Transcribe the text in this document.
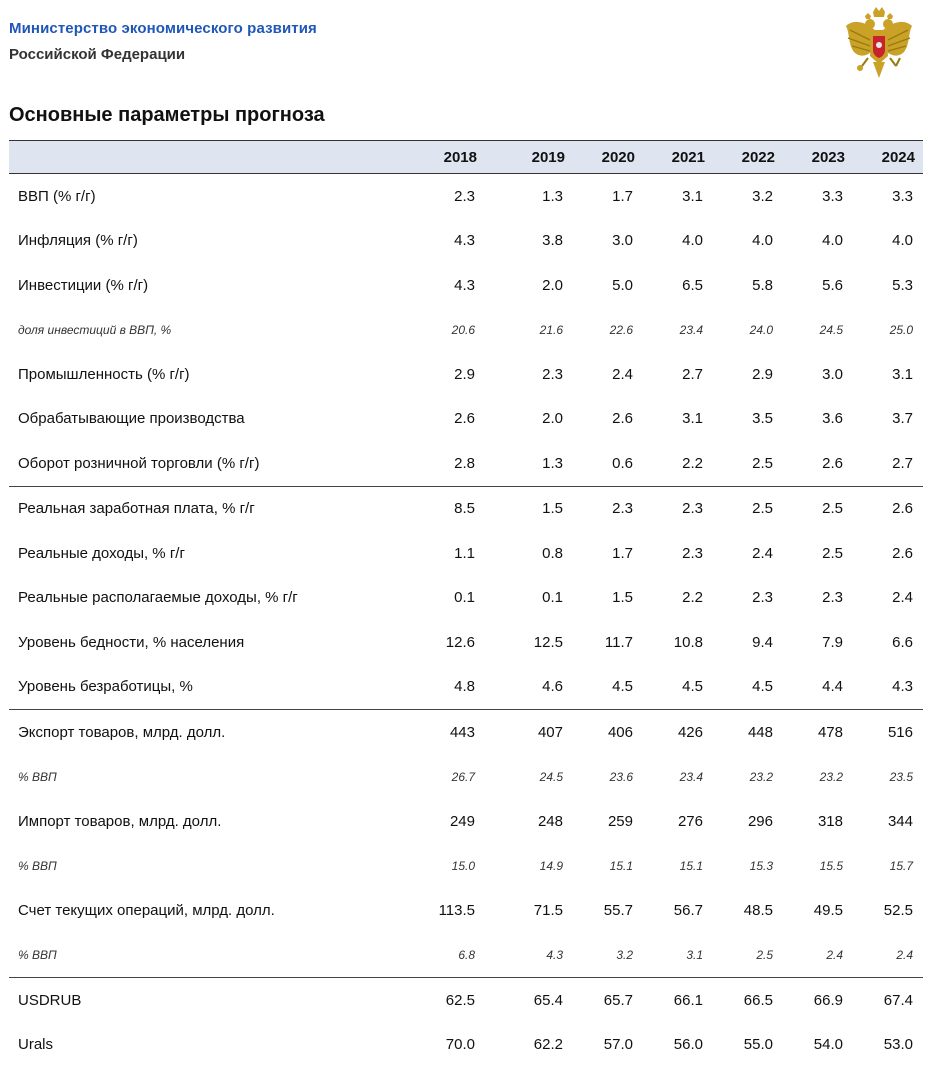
Министерство экономического развития
Российской Федерации
Основные параметры прогноза
	2018	2019	2020	2021	2022	2023	2024
ВВП (% г/г)	2.3	1.3	1.7	3.1	3.2	3.3	3.3
Инфляция (% г/г)	4.3	3.8	3.0	4.0	4.0	4.0	4.0
Инвестиции (% г/г)	4.3	2.0	5.0	6.5	5.8	5.6	5.3
доля инвестиций в ВВП, %	20.6	21.6	22.6	23.4	24.0	24.5	25.0
Промышленность (% г/г)	2.9	2.3	2.4	2.7	2.9	3.0	3.1
Обрабатывающие производства	2.6	2.0	2.6	3.1	3.5	3.6	3.7
Оборот розничной торговли (% г/г)	2.8	1.3	0.6	2.2	2.5	2.6	2.7
Реальная заработная плата, % г/г	8.5	1.5	2.3	2.3	2.5	2.5	2.6
Реальные доходы, % г/г	1.1	0.8	1.7	2.3	2.4	2.5	2.6
Реальные располагаемые доходы, % г/г	0.1	0.1	1.5	2.2	2.3	2.3	2.4
Уровень бедности, % населения	12.6	12.5	11.7	10.8	9.4	7.9	6.6
Уровень безработицы, %	4.8	4.6	4.5	4.5	4.5	4.4	4.3
Экспорт товаров, млрд. долл.	443	407	406	426	448	478	516
% ВВП	26.7	24.5	23.6	23.4	23.2	23.2	23.5
Импорт товаров, млрд. долл.	249	248	259	276	296	318	344
% ВВП	15.0	14.9	15.1	15.1	15.3	15.5	15.7
Счет текущих операций, млрд. долл.	113.5	71.5	55.7	56.7	48.5	49.5	52.5
% ВВП	6.8	4.3	3.2	3.1	2.5	2.4	2.4
USDRUB	62.5	65.4	65.7	66.1	66.5	66.9	67.4
Urals	70.0	62.2	57.0	56.0	55.0	54.0	53.0
